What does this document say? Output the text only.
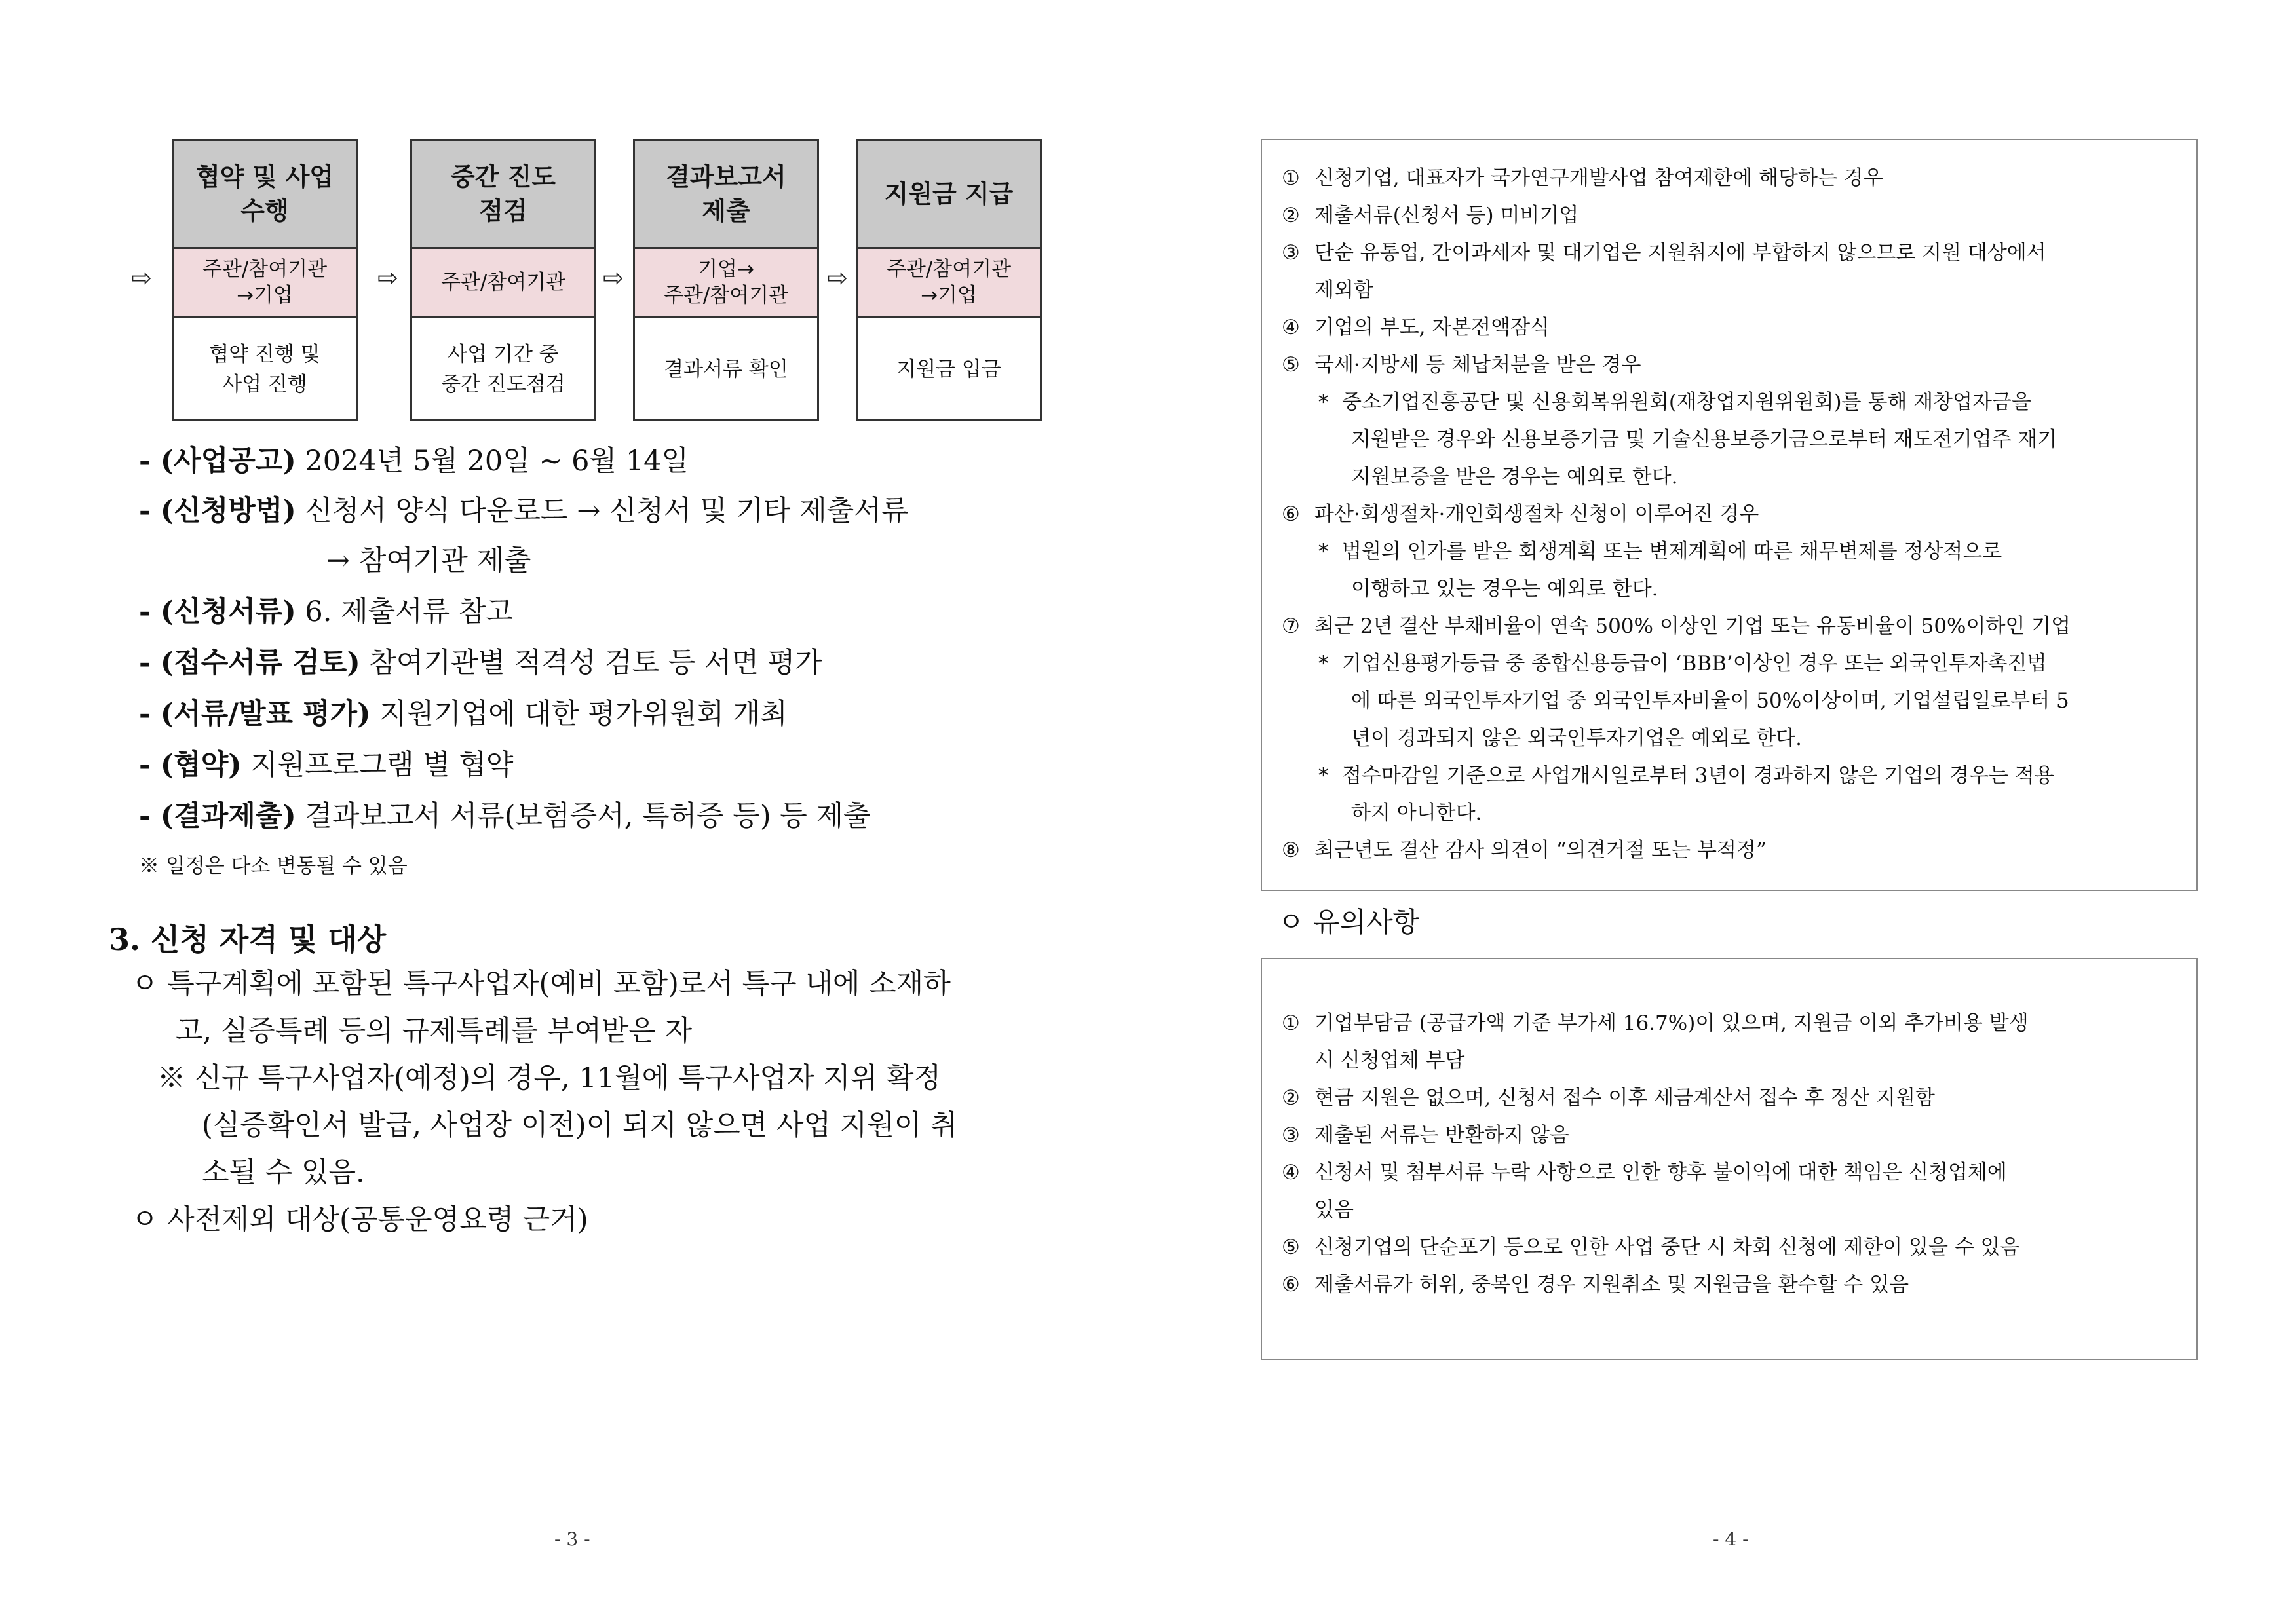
⇨
협약 및 사업
수행
주관/참여기관
→기업
협약 진행 및
사업 진행
⇨
중간 진도
점검
주관/참여기관
사업 기간 중
중간 진도점검
⇨
결과보고서
제출
기업→
주관/참여기관
결과서류 확인
⇨
지원금 지급
주관/참여기관
→기업
지원금 입금
- (사업공고) 2024년 5월 20일 ~ 6월 14일
- (신청방법) 신청서 양식 다운로드 → 신청서 및 기타 제출서류
→ 참여기관 제출
- (신청서류) 6. 제출서류 참고
- (접수서류 검토) 참여기관별 적격성 검토 등 서면 평가
- (서류/발표 평가) 지원기업에 대한 평가위원회 개최
- (협약) 지원프로그램 별 협약
- (결과제출) 결과보고서 서류(보험증서, 특허증 등) 등 제출
※ 일정은 다소 변동될 수 있음
3. 신청 자격 및 대상
ㅇ 특구계획에 포함된 특구사업자(예비 포함)로서 특구 내에 소재하
고, 실증특례 등의 규제특례를 부여받은 자
※ 신규 특구사업자(예정)의 경우, 11월에 특구사업자 지위 확정
(실증확인서 발급, 사업장 이전)이 되지 않으면 사업 지원이 취
소될 수 있음.
ㅇ 사전제외 대상(공통운영요령 근거)
- 3 -
① 신청기업, 대표자가 국가연구개발사업 참여제한에 해당하는 경우
② 제출서류(신청서 등) 미비기업
③ 단순 유통업, 간이과세자 및 대기업은 지원취지에 부합하지 않으므로 지원 대상에서
제외함
④ 기업의 부도, 자본전액잠식
⑤ 국세·지방세 등 체납처분을 받은 경우
* 중소기업진흥공단 및 신용회복위원회(재창업지원위원회)를 통해 재창업자금을
지원받은 경우와 신용보증기금 및 기술신용보증기금으로부터 재도전기업주 재기
지원보증을 받은 경우는 예외로 한다.
⑥ 파산·회생절차·개인회생절차 신청이 이루어진 경우
* 법원의 인가를 받은 회생계획 또는 변제계획에 따른 채무변제를 정상적으로
이행하고 있는 경우는 예외로 한다.
⑦ 최근 2년 결산 부채비율이 연속 500% 이상인 기업 또는 유동비율이 50%이하인 기업
* 기업신용평가등급 중 종합신용등급이 ‘BBB’이상인 경우 또는 외국인투자촉진법
에 따른 외국인투자기업 중 외국인투자비율이 50%이상이며, 기업설립일로부터 5
년이 경과되지 않은 외국인투자기업은 예외로 한다.
* 접수마감일 기준으로 사업개시일로부터 3년이 경과하지 않은 기업의 경우는 적용
하지 아니한다.
⑧ 최근년도 결산 감사 의견이 “의견거절 또는 부적정”
ㅇ 유의사항
① 기업부담금 (공급가액 기준 부가세 16.7%)이 있으며, 지원금 이외 추가비용 발생
시 신청업체 부담
② 현금 지원은 없으며, 신청서 접수 이후 세금계산서 접수 후 정산 지원함
③ 제출된 서류는 반환하지 않음
④ 신청서 및 첨부서류 누락 사항으로 인한 향후 불이익에 대한 책임은 신청업체에
있음
⑤ 신청기업의 단순포기 등으로 인한 사업 중단 시 차회 신청에 제한이 있을 수 있음
⑥ 제출서류가 허위, 중복인 경우 지원취소 및 지원금을 환수할 수 있음
- 4 -
